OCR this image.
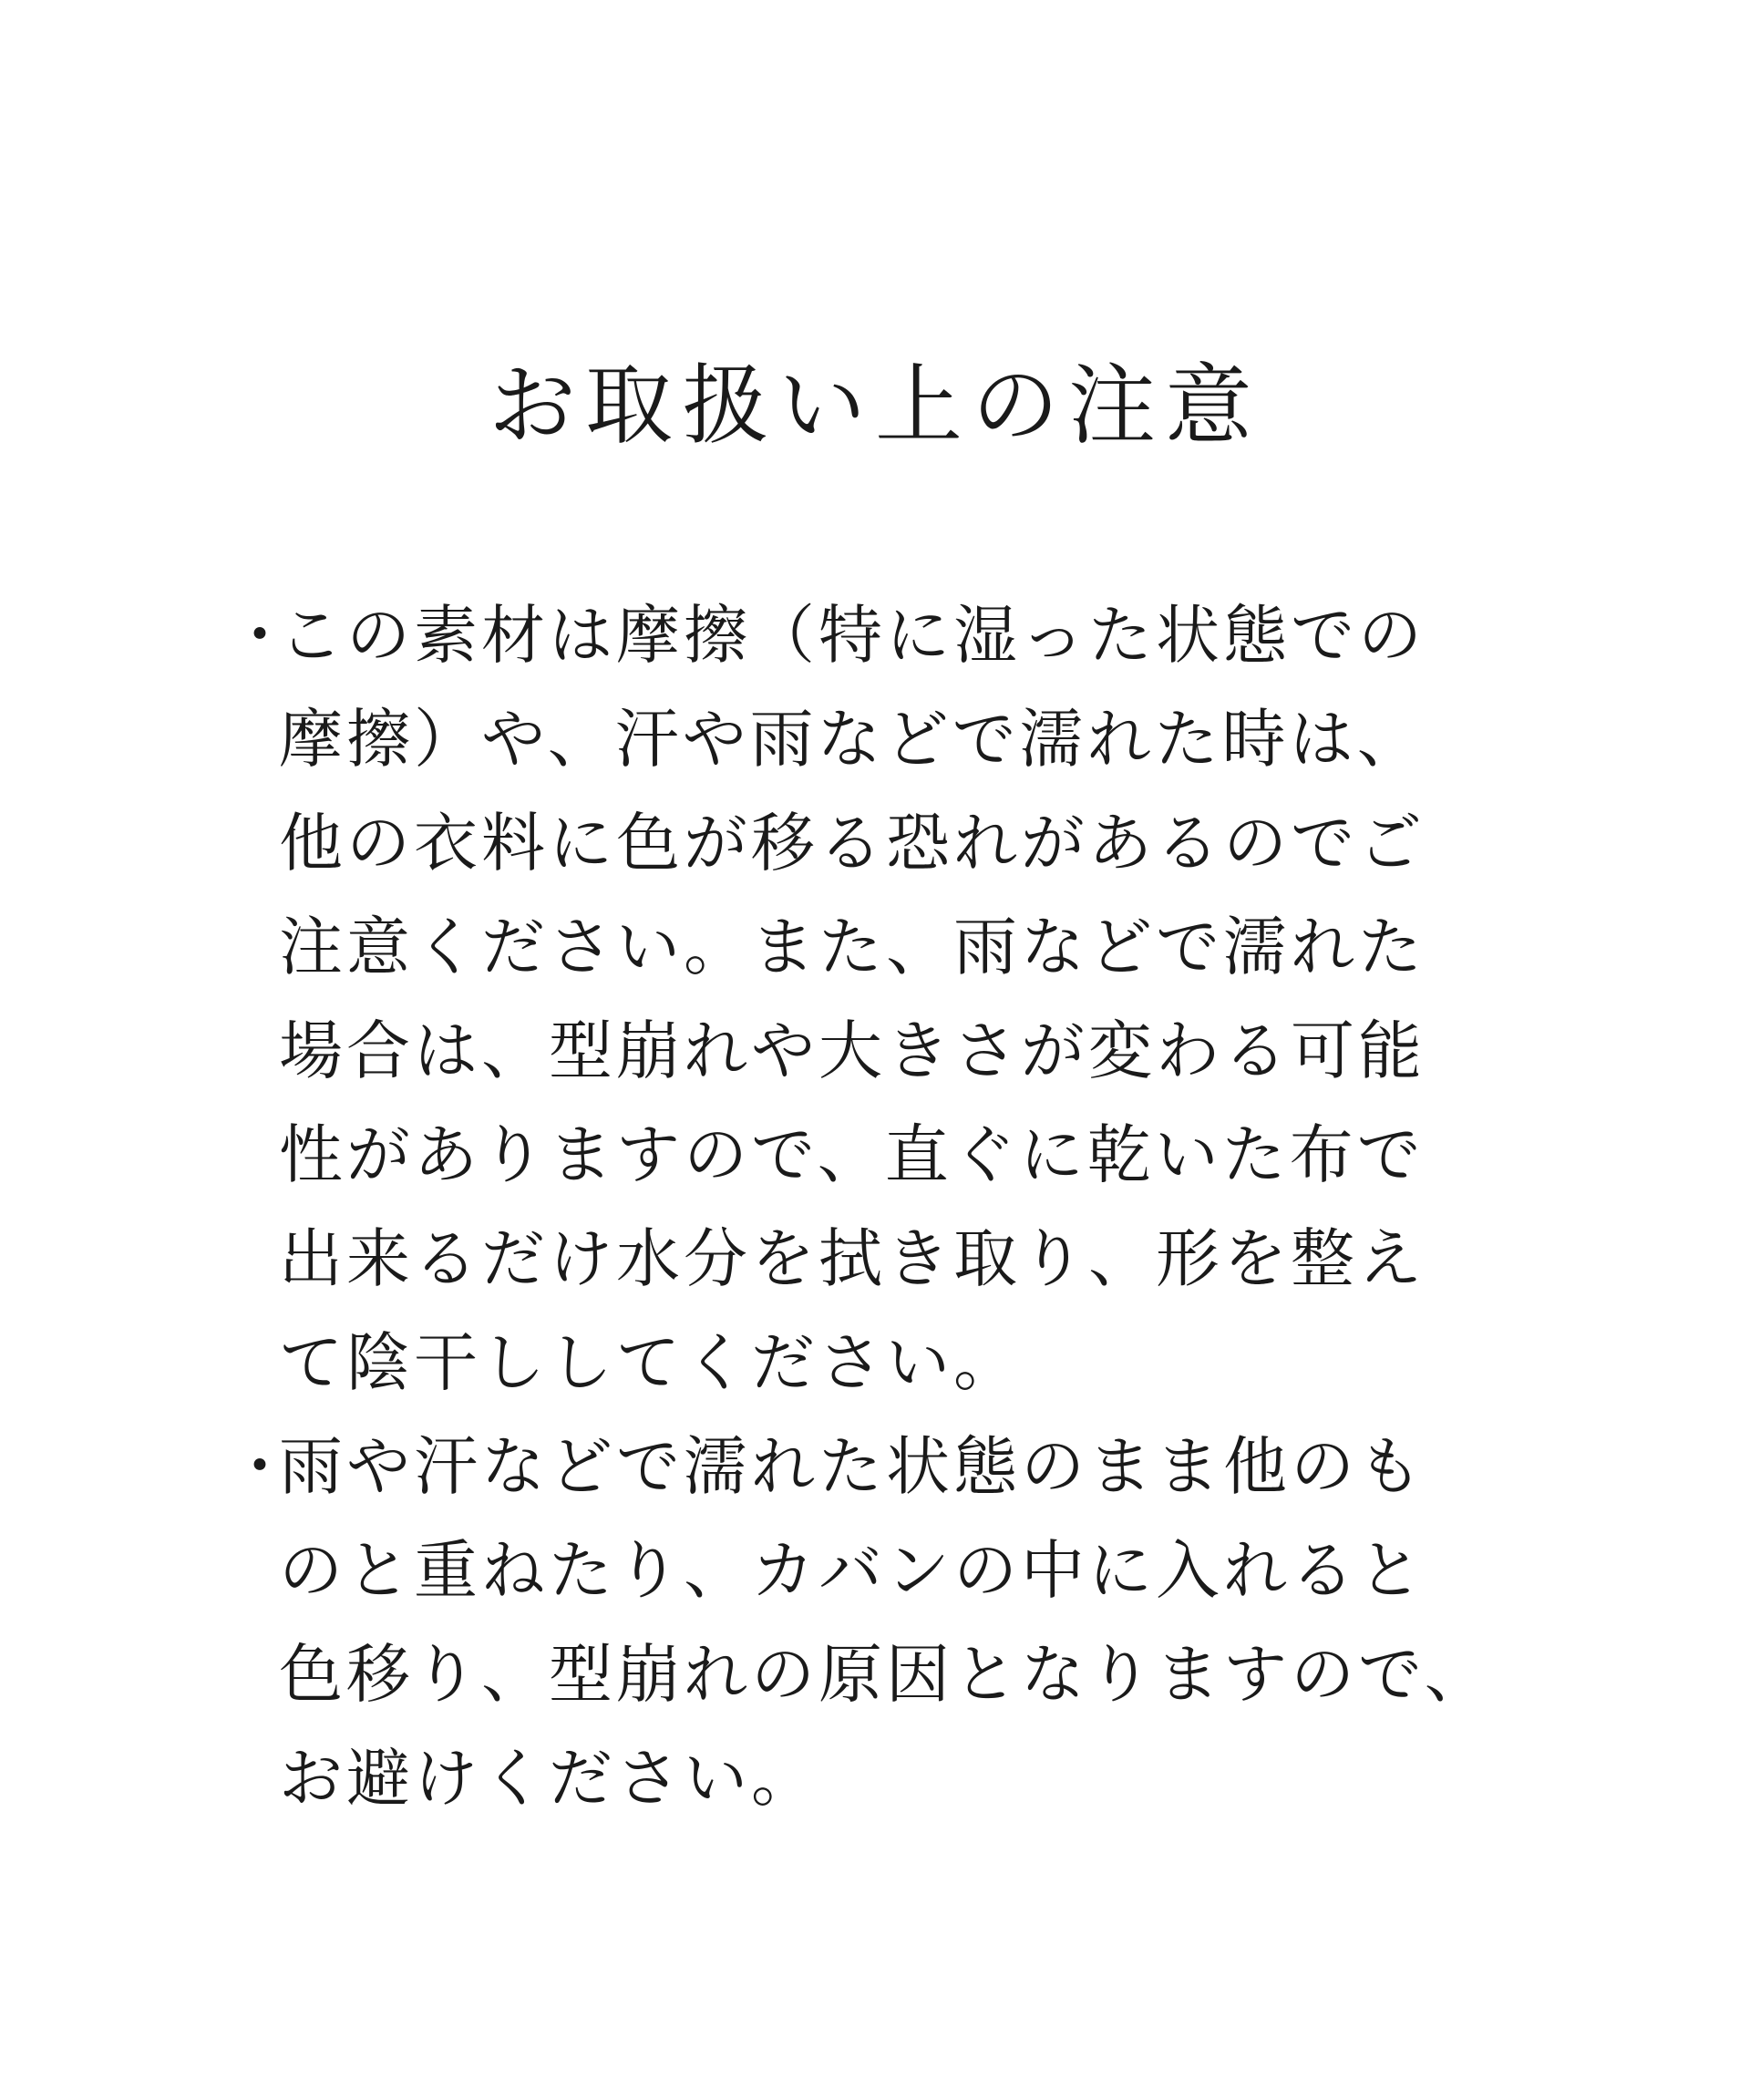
お取扱い上の注意
・
この素材は摩擦（特に湿った状態での
摩擦）や、汗や雨などで濡れた時は、
他の衣料に色が移る恐れがあるのでご
注意ください。また、雨などで濡れた
場合は、型崩れや大きさが変わる可能
性がありますので、直ぐに乾いた布で
出来るだけ水分を拭き取り、形を整え
て陰干ししてください。
・
雨や汗などで濡れた状態のまま他のも
のと重ねたり、カバンの中に入れると
色移り、型崩れの原因となりますので、
お避けください。
